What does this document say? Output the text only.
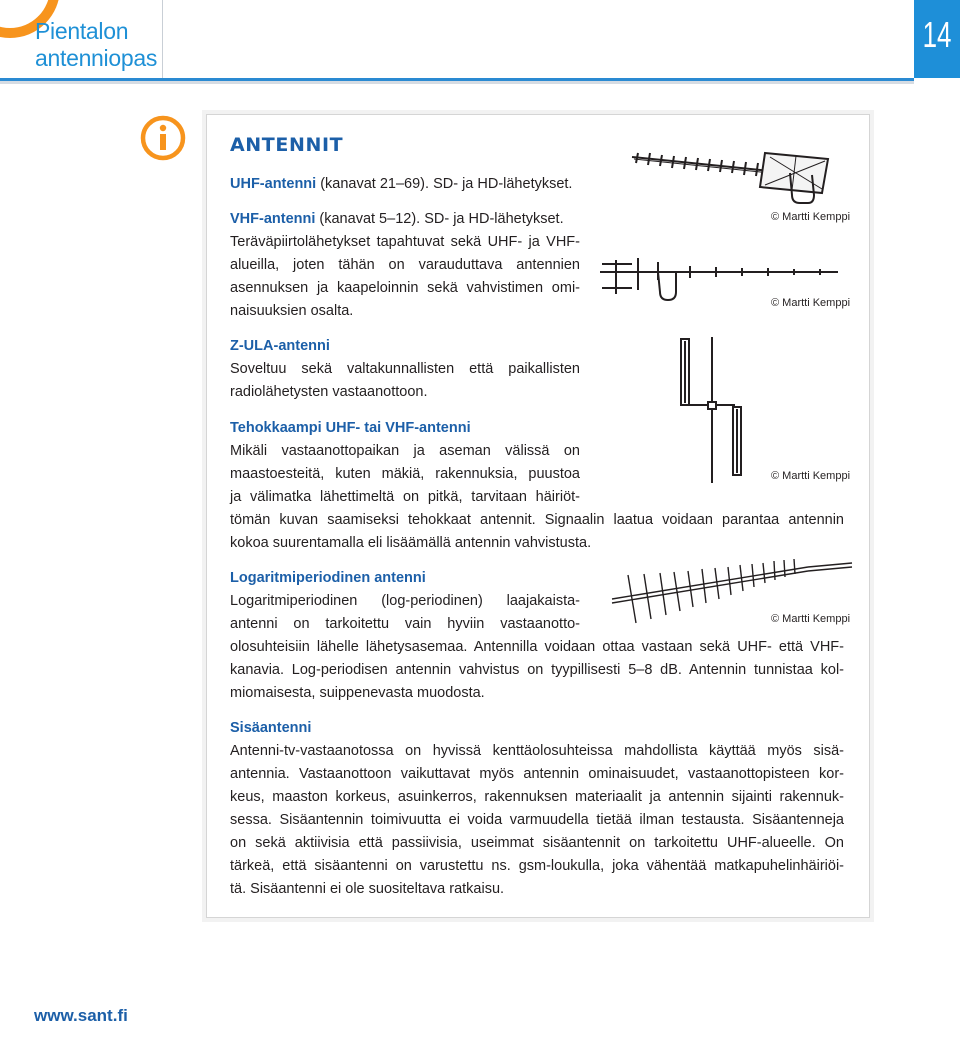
Pientalon
antenniopas
14
ANTENNIT
UHF-antenni (kanavat 21–69). SD- ja HD-lähetykset.
VHF-antenni (kanavat 5–12). SD- ja HD-lähetykset.
Teräväpiirtolähetykset tapahtuvat sekä UHF- ja VHF-
alueilla, joten tähän on varauduttava antennien
asennuksen ja kaapeloinnin sekä vahvistimen omi-
naisuuksien osalta.
Z-ULA-antenni
Soveltuu sekä valtakunnallisten että paikallisten
radiolähetysten vastaanottoon.
Tehokkaampi UHF- tai VHF-antenni
Mikäli vastaanottopaikan ja aseman välissä on
maastoesteitä, kuten mäkiä, rakennuksia, puustoa
ja välimatka lähettimeltä on pitkä, tarvitaan häiriöt-
tömän kuvan saamiseksi tehokkaat antennit. Signaalin laatua voidaan parantaa antennin
kokoa suurentamalla eli lisäämällä antennin vahvistusta.
Logaritmiperiodinen antenni
Logaritmiperiodinen (log-periodinen) laajakaista-
antenni on tarkoitettu vain hyviin vastaanotto-
olosuhteisiin lähelle lähetysasemaa. Antennilla voidaan ottaa vastaan sekä UHF- että VHF-
kanavia. Log-periodisen antennin vahvistus on tyypillisesti 5–8 dB. Antennin tunnistaa kol-
miomaisesta, suippenevasta muodosta.
Sisäantenni
Antenni-tv-vastaanotossa on hyvissä kenttäolosuhteissa mahdollista käyttää myös sisä-
antennia. Vastaanottoon vaikuttavat myös antennin ominaisuudet, vastaanottopisteen kor-
keus, maaston korkeus, asuinkerros, rakennuksen materiaalit ja antennin sijainti rakennuk-
sessa. Sisäantennin toimivuutta ei voida varmuudella tietää ilman testausta. Sisäantenneja
on sekä aktiivisia että passiivisia, useimmat sisäantennit on tarkoitettu UHF-alueelle. On
tärkeä, että sisäantenni on varustettu ns. gsm-loukulla, joka vähentää matkapuhelinhäiriöi-
tä. Sisäantenni ei ole suositeltava ratkaisu.
© Martti Kemppi
© Martti Kemppi
© Martti Kemppi
© Martti Kemppi
www.sant.fi
